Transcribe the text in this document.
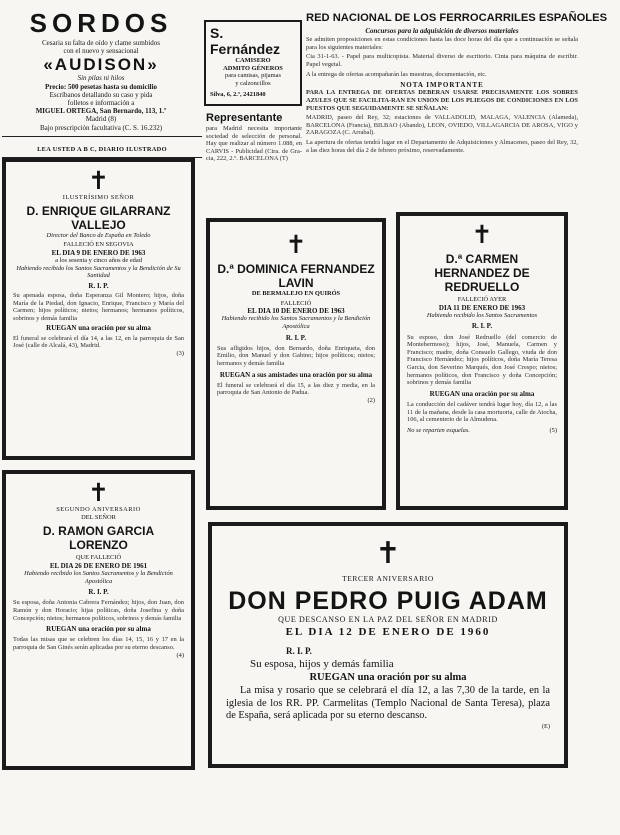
SORDOS

Cesaria su falta de oído y clame sumbidos

con el nuevo y sensacional

«AUDISON»

Sin pilas ni hilos

Precio: 500 pesetas hasta su domicilio

Escríbanos detallando su caso y pida

folletos e información a

MIGUEL ORTEGA, San Bernardo, 113, 1.º

Madrid (8)

Bajo prescripción facultativa (C. S. 16.232)

S. Fernández
CAMISERO

ADMITO GÉNEROS

para camisas, pijamas

y calzoncillos

Silva, 6, 2.º, 2421840
Representante
para Madrid necesita importante sociedad de selección de personal. Hay que realizar al número 1.088, en CARVIS - Publicidad (Ctra. de Gra-cia, 222, 2.º. BARCELONA (T)
RED NACIONAL DE LOS FERROCARRILES ESPAÑOLES
Concursos para la adquisición de diversos materiales

Se admiten proposiciones en estas condiciones hasta las doce horas del día que a continuación se señala para los siguientes materiales:

Cia 31-1-63. - Papel para multicopista. Material diverso de escritorio. Cinta para máquina de escribir. Papel vegetal.

A la entrega de ofertas acompañarán las muestras, documentación, etc.

NOTA IMPORTANTE

PARA LA ENTREGA DE OFERTAS DEBERAN USARSE PRECISAMENTE LOS SOBRES AZULES QUE SE FACILITA-RAN EN UNION DE LOS PLIEGOS DE CONDICIONES EN LOS PUESTOS QUE SEGUIDAMENTE SE SEÑALAN:

MADRID, paseo del Rey, 32; estaciones de VALLADOLID, MALAGA, VALENCIA (Alameda), BARCELONA (Francia), BILBAO (Abando), LEON, OVIEDO, VILLAGARCIA DE AROSA, VIGO y ZARAGOZA (C. Arrabal).

La apertura de ofertas tendrá lugar en el Departamento de Adquisiciones y Almacenes, paseo del Rey, 32, a las diez horas del día 2 de febrero próximo, reservadamente.

LEA USTED A B C, DIARIO ILUSTRADO
✝
ILUSTRÍSIMO SEÑOR
D. ENRIQUE GILARRANZ VALLEJO
Director del Banco de España en Toledo
FALLECIÓ EN SEGOVIA
EL DIA 9 DE ENERO DE 1963
a los sesenta y cinco años de edad
Habiendo recibido los Santos Sacramentos y la Bendición de Su Santidad
R. I. P.
Su apenada esposa, doña Esperanza Gil Montero; hijos, doña María de la Piedad, don Ignacio, Enrique, Francisco y María del Carmen; hijos políticos; nietos; hermanos; hermanos políticos, sobrinos y demás familia
RUEGAN una oración por su alma
El funeral se celebrará el día 14, a las 12, en la parroquia de San José (calle de Alcalá, 43), Madrid.
(3)
✝
SEGUNDO ANIVERSARIO
DEL SEÑOR
D. RAMON GARCIA LORENZO
QUE FALLECIÓ
EL DIA 26 DE ENERO DE 1961
Habiendo recibido los Santos Sacramentos y la Bendición Apostólica
R. I. P.
Su esposa, doña Antonia Cabrera Fernández; hijos, don Juan, don Ramón y don Horacio; hijas políticas, doña Josefina y doña Concepción; nietos; hermanos políticos, sobrinos y demás familia
RUEGAN una oración por su alma
Todas las misas que se celebren los días 14, 15, 16 y 17 en la parroquia de San Ginés serán aplicadas por su eterno descanso.
(4)
✝
D.ª DOMINICA FERNANDEZ LAVIN
DE BERMALEJO EN QUIRÓS
FALLECIÓ
EL DIA 10 DE ENERO DE 1963
Habiendo recibido los Santos Sacramentos y la Bendición Apostólica
R. I. P.
Sus afligidos hijos, don Bernardo, doña Enriqueta, don Emilio, don Manuel y don Gabino; hijos políticos; nietos; hermanos y demás familia
RUEGAN a sus amistades una oración por su alma
El funeral se celebrará el día 15, a las diez y media, en la parroquia de San Antonio de Padua.
(2)
✝
D.ª CARMEN HERNANDEZ DE REDRUELLO
FALLECIÓ AYER
DIA 11 DE ENERO DE 1963
Habiendo recibido los Santos Sacramentos
R. I. P.
Su esposo, don José Redruello (del comercio de Montehermoso); hijos, José, Manuela, Carmen y Francisco; madre, doña Consuelo Gallego, viuda de don Francisco Hernández; hijos políticos, doña María Teresa Garcia, don Severino Marqués, don José Crespo; nietos; hermanos políticos, don Francisco y doña Concepción; sobrinos y demás familia
RUEGAN una oración por su alma
La conducción del cadáver tendrá lugar hoy, día 12, a las 11 de la mañana, desde la casa mortuoria, calle de Atocha, 106, al cementerio de la Almudena.
No se reparten esquelas.	(5)
✝
TERCER ANIVERSARIO
DON PEDRO PUIG ADAM
QUE DESCANSO EN LA PAZ DEL SEÑOR EN MADRID
EL DIA 12 DE ENERO DE 1960
R. I. P.
Su esposa, hijos y demás familia
RUEGAN una oración por su alma
La misa y rosario que se celebrará el día 12, a las 7,30 de la tarde, en la iglesia de los RR. PP. Carmelitas (Templo Nacional de Santa Teresa), plaza de España, será aplicada por su eterno descanso.
(E)
